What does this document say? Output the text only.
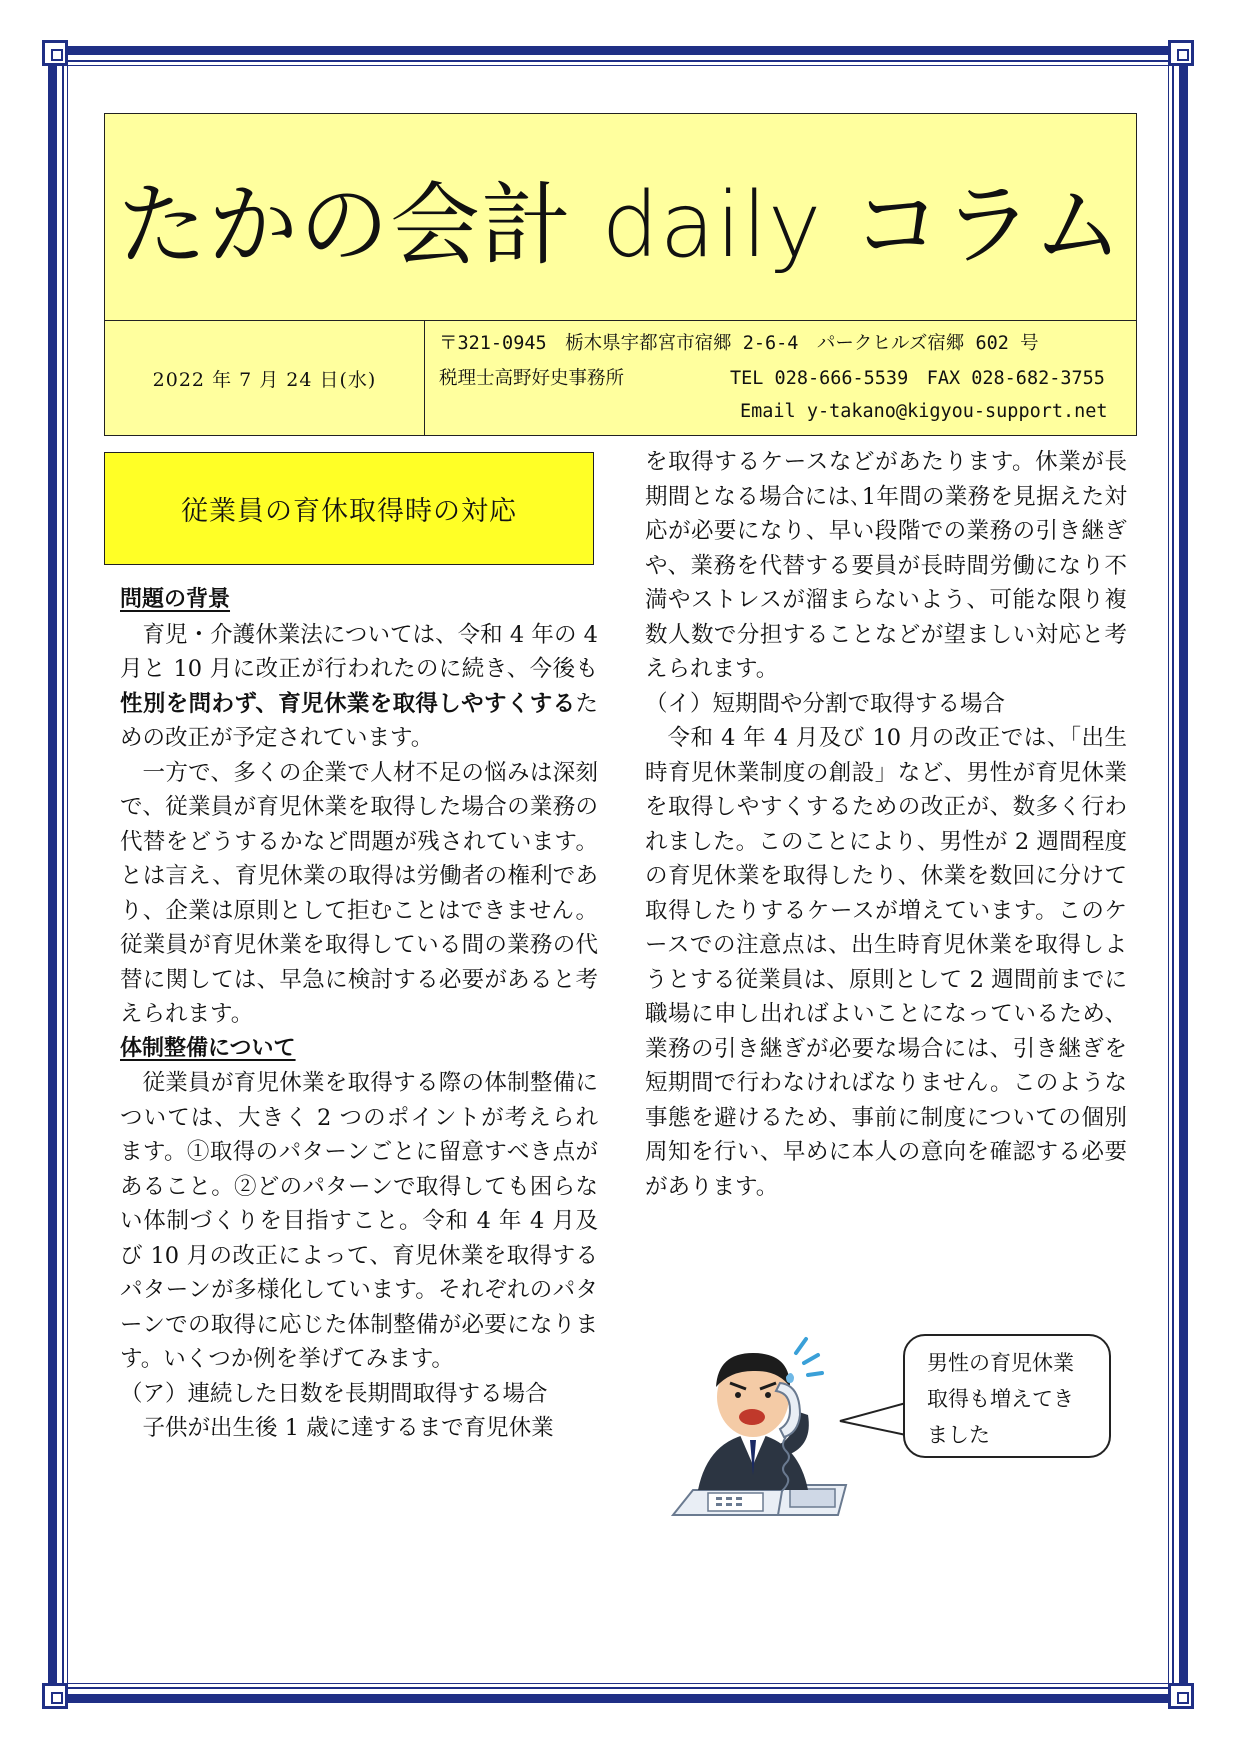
たかの会計 daily コラム
2022 年 7 月 24 日(水)
〒321-0945　栃木県宇都宮市宿郷 2-6-4　パークヒルズ宿郷 602 号
税理士高野好史事務所	TEL 028-666-5539　FAX 028-682-3755
Email y-takano@kigyou-support.net
従業員の育休取得時の対応

問題の背景

育児・介護休業法については、令和 4 年の 4 月と 10 月に改正が行われたのに続き、今後も性別を問わず、育児休業を取得しやすくするための改正が予定されています。

一方で、多くの企業で人材不足の悩みは深刻で、従業員が育児休業を取得した場合の業務の代替をどうするかなど問題が残されています。とは言え、育児休業の取得は労働者の権利であり、企業は原則として拒むことはできません。従業員が育児休業を取得している間の業務の代替に関しては、早急に検討する必要があると考えられます。

体制整備について

従業員が育児休業を取得する際の体制整備については、大きく 2 つのポイントが考えられます。①取得のパターンごとに留意すべき点があること。②どのパターンで取得しても困らない体制づくりを目指すこと。令和 4 年 4 月及び 10 月の改正によって、育児休業を取得するパターンが多様化しています。それぞれのパターンでの取得に応じた体制整備が必要になります。いくつか例を挙げてみます。

（ア）連続した日数を長期間取得する場合

子供が出生後 1 歳に達するまで育児休業

を取得するケースなどがあたります。休業が長期間となる場合には､1年間の業務を見据えた対応が必要になり、早い段階での業務の引き継ぎや、業務を代替する要員が長時間労働になり不満やストレスが溜まらないよう、可能な限り複数人数で分担することなどが望ましい対応と考えられます。

（イ）短期間や分割で取得する場合

令和 4 年 4 月及び 10 月の改正では、「出生時育児休業制度の創設」など、男性が育児休業を取得しやすくするための改正が、数多く行われました。このことにより、男性が 2 週間程度の育児休業を取得したり、休業を数回に分けて取得したりするケースが増えています。このケースでの注意点は、出生時育児休業を取得しようとする従業員は、原則として 2 週間前までに職場に申し出ればよいことになっているため、業務の引き継ぎが必要な場合には、引き継ぎを短期間で行わなければなりません。このような事態を避けるため、事前に制度についての個別周知を行い、早めに本人の意向を確認する必要があります。

男性の育児休業
取得も増えてき
ました
